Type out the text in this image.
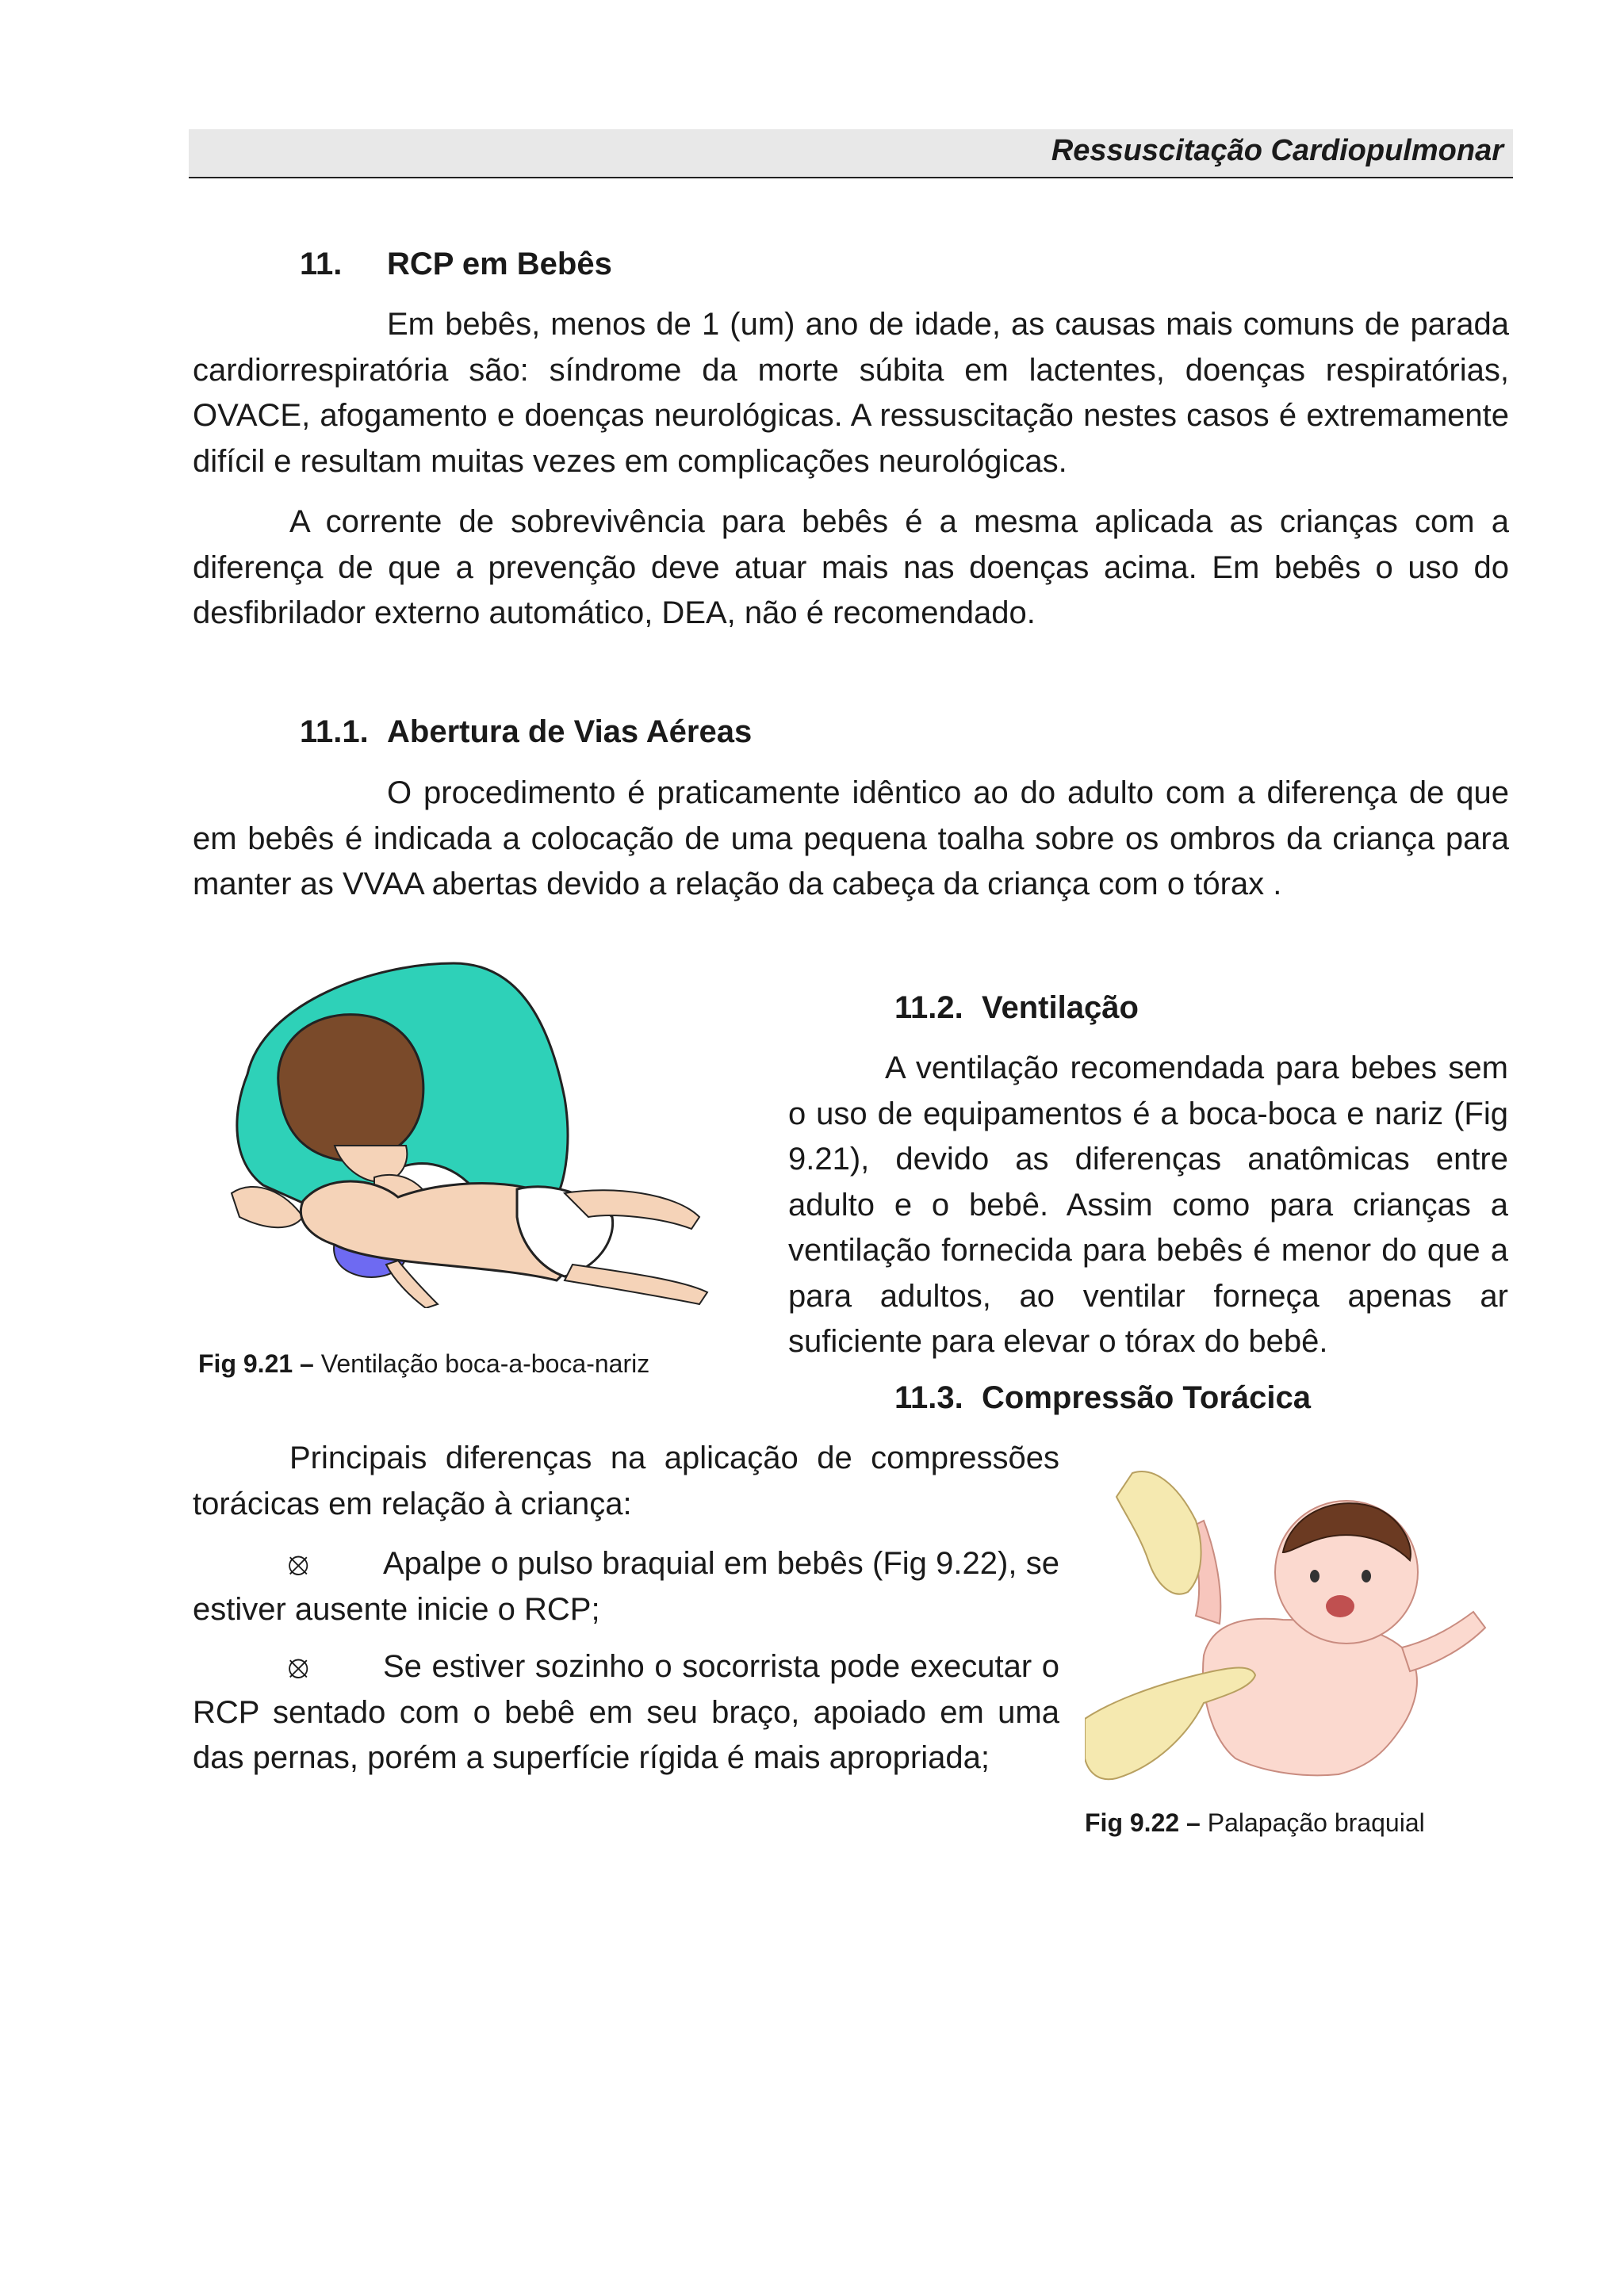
Ressuscitação Cardiopulmonar
11. RCP em Bebês

Em bebês, menos de 1 (um) ano de idade, as causas mais comuns de parada cardiorrespiratória são: síndrome da morte súbita em lactentes, doenças respiratórias, OVACE, afogamento e doenças neurológicas. A ressuscitação nestes casos é extremamente difícil e resultam muitas vezes em complicações neurológicas.

A corrente de sobrevivência para bebês é a mesma aplicada as crianças com a diferença de que a prevenção deve atuar mais nas doenças acima. Em bebês o uso do desfibrilador externo automático, DEA, não é recomendado.

11.1. Abertura de Vias Aéreas

O procedimento é praticamente idêntico ao do adulto com a diferença de que em bebês é indicada a colocação de uma pequena toalha sobre os ombros da criança para manter as VVAA abertas devido a relação da cabeça da criança com o tórax .

Fig 9.21 – Ventilação boca-a-boca-nariz
11.2. Ventilação

A ventilação recomendada para bebes sem o uso de equipamentos é a boca-boca e nariz (Fig 9.21), devido as diferenças anatômicas entre adulto e o bebê. Assim como para crianças a ventilação fornecida para bebês é menor do que a para adultos, ao ventilar forneça apenas ar suficiente para elevar o tórax do bebê.

11.3. Compressão Torácica

Principais diferenças na aplicação de compressões torácicas em relação à criança:

⦻ Apalpe o pulso braquial em bebês (Fig 9.22), se estiver ausente inicie o RCP;

⦻ Se estiver sozinho o socorrista pode executar o RCP sentado com o bebê em seu braço, apoiado em uma das pernas, porém a superfície rígida é mais apropriada;

Fig 9.22 – Palapação braquial
